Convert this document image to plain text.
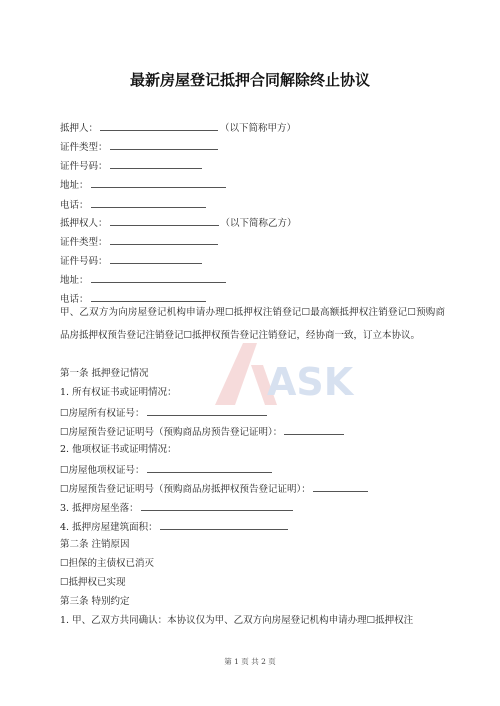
最新房屋登记抵押合同解除终止协议
抵押人：	（以下简称甲方）
证件类型：
证件号码：
地址：
电话：
抵押权人：	（以下简称乙方）
证件类型：
证件号码：
地址：
电话：
甲、乙双方为向房屋登记机构申请办理☐抵押权注销登记☐最高额抵押权注销登记☐预购商品房抵押权预告登记注销登记☐抵押权预告登记注销登记，经协商一致，订立本协议。
第一条 抵押登记情况
1. 所有权证书或证明情况：
☐房屋所有权证号：
☐房屋预告登记证明号（预购商品房预告登记证明）：
2. 他项权证书或证明情况：
☐房屋他项权证号：
☐房屋预告登记证明号（预购商品房抵押权预告登记证明）：
3. 抵押房屋坐落：
4. 抵押房屋建筑面积：
第二条 注销原因
☐担保的主债权已消灭
☐抵押权已实现
第三条 特别约定
1. 甲、乙双方共同确认：本协议仅为甲、乙双方向房屋登记机构申请办理☐抵押权注
ASK
第 1 页 共 2 页
